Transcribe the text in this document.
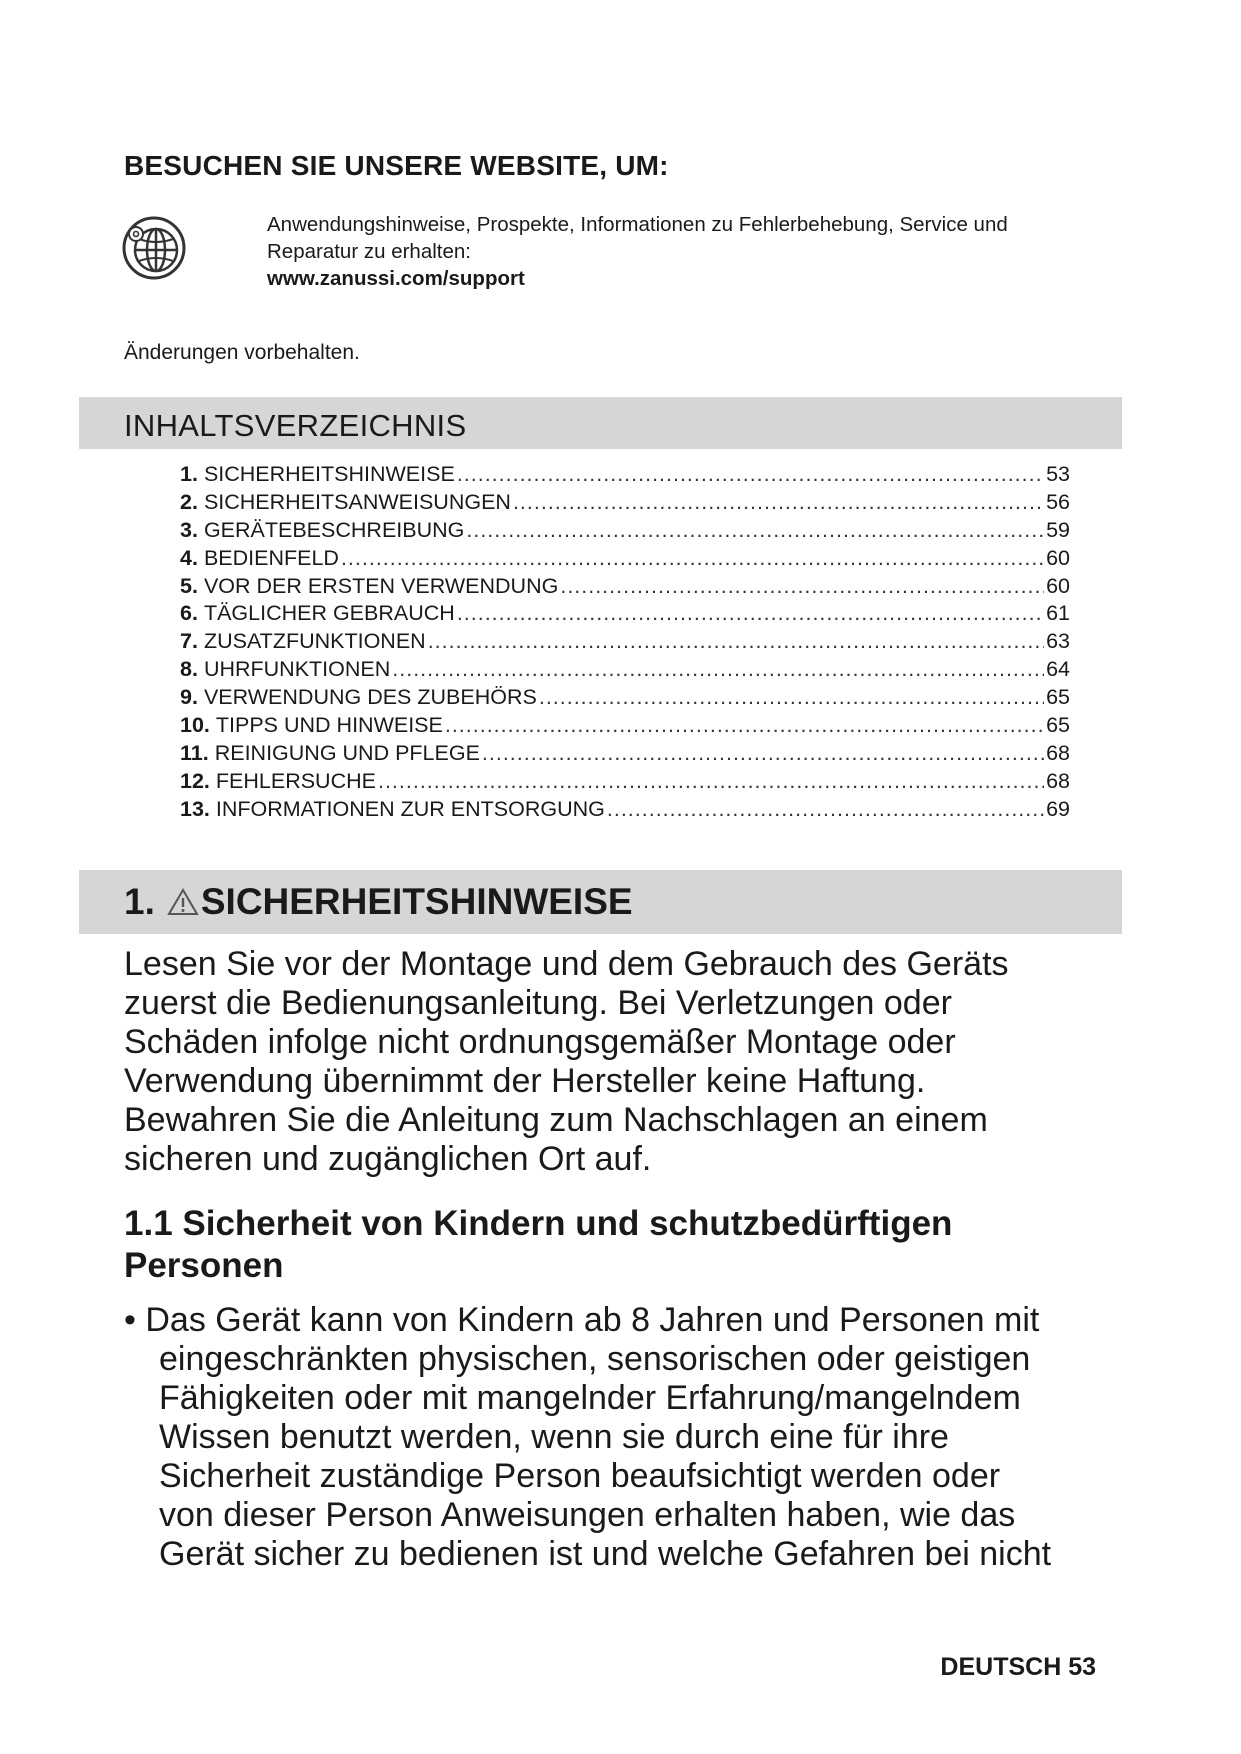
BESUCHEN SIE UNSERE WEBSITE, UM:
Anwendungshinweise, Prospekte, Informationen zu Fehlerbehebung, Service und
Reparatur zu erhalten:
www.zanussi.com/support
Änderungen vorbehalten.
INHALTSVERZEICHNIS
1. SICHERHEITSHINWEISE .....	53
2. SICHERHEITSANWEISUNGEN .....	56
3. GERÄTEBESCHREIBUNG .....	59
4. BEDIENFELD .....	60
5. VOR DER ERSTEN VERWENDUNG .....	60
6. TÄGLICHER GEBRAUCH .....	61
7. ZUSATZFUNKTIONEN .....	63
8. UHRFUNKTIONEN .....	64
9. VERWENDUNG DES ZUBEHÖRS .....	65
10. TIPPS UND HINWEISE .....	65
11. REINIGUNG UND PFLEGE .....	68
12. FEHLERSUCHE .....	68
13. INFORMATIONEN ZUR ENTSORGUNG .....	69
1. SICHERHEITSHINWEISE
Lesen Sie vor der Montage und dem Gebrauch des Geräts
zuerst die Bedienungsanleitung. Bei Verletzungen oder
Schäden infolge nicht ordnungsgemäßer Montage oder
Verwendung übernimmt der Hersteller keine Haftung.
Bewahren Sie die Anleitung zum Nachschlagen an einem
sicheren und zugänglichen Ort auf.
1.1 Sicherheit von Kindern und schutzbedürftigen
Personen
• Das Gerät kann von Kindern ab 8 Jahren und Personen mit
eingeschränkten physischen, sensorischen oder geistigen
Fähigkeiten oder mit mangelnder Erfahrung/mangelndem
Wissen benutzt werden, wenn sie durch eine für ihre
Sicherheit zuständige Person beaufsichtigt werden oder
von dieser Person Anweisungen erhalten haben, wie das
Gerät sicher zu bedienen ist und welche Gefahren bei nicht
DEUTSCH 53
